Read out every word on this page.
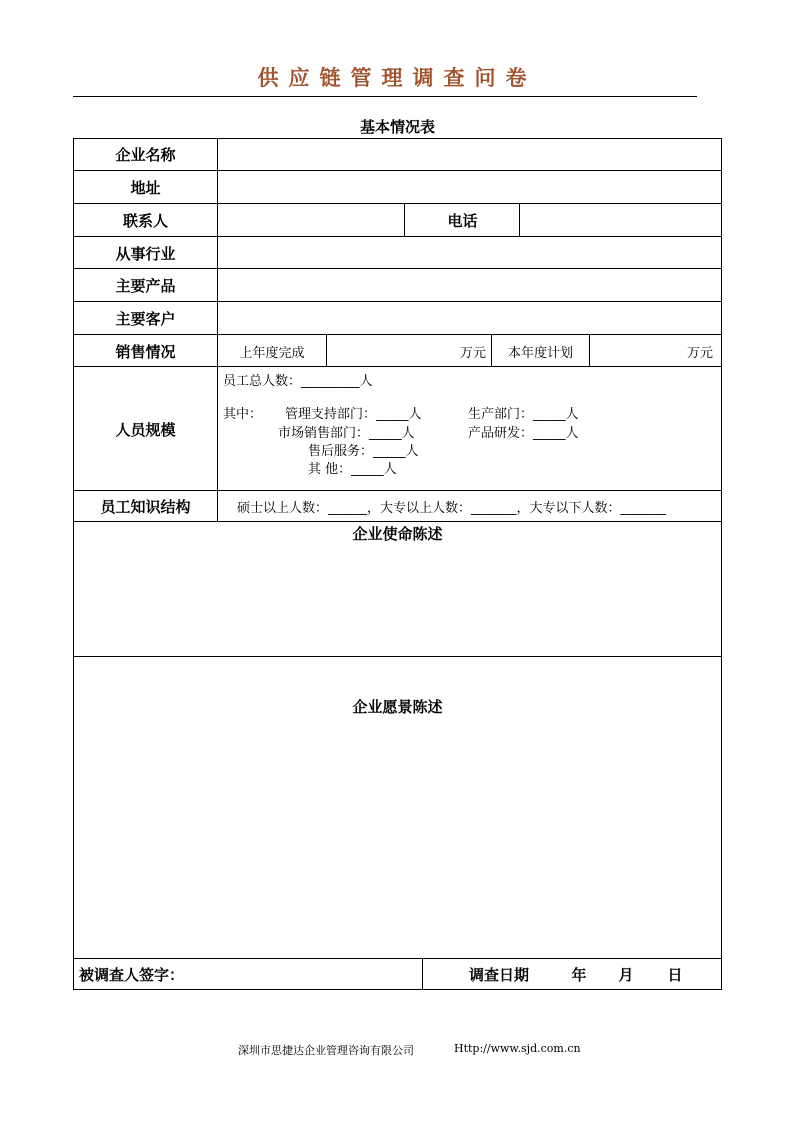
供应链管理调查问卷
基本情况表
企业名称
地址
联系人	电话
从事行业
主要产品
主要客户
销售情况	上年度完成	万元	本年度计划	万元
人员规模
员工总人数：_________人
其中： 管理支持部门：_____人	生产部门：_____人
市场销售部门：_____人	产品研发：_____人
售后服务：_____人
其 他：_____人
员工知识结构	硕士以上人数：______，大专以上人数：_______，大专以下人数：_______
企业使命陈述
企业愿景陈述
被调查人签字：	调查日期	年	月	日
深圳市思捷达企业管理咨询有限公司	Http://www.sjd.com.cn
